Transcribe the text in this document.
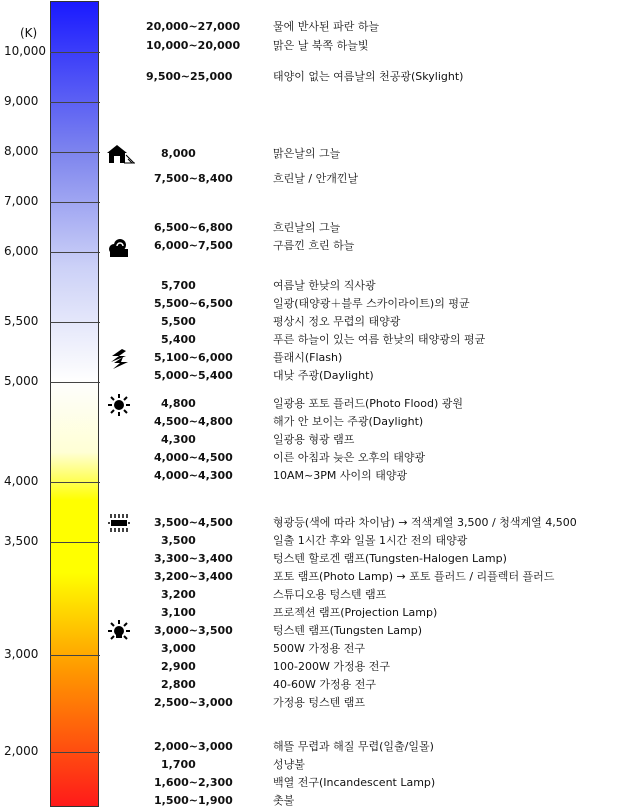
(K)
10,000
9,000
8,000
7,000
6,000
5,500
5,000
4,000
3,500
3,000
2,000
20,000~27,000	물에 반사된 파란 하늘
10,000~20,000	맑은 날 북쪽 하늘빛
9,500~25,000	태양이 없는 여름날의 천공광(Skylight)
8,000	맑은날의 그늘
7,500~8,400	흐린날 / 안개낀날
6,500~6,800	흐린날의 그늘
6,000~7,500	구름낀 흐린 하늘
5,700	여름날 한낮의 직사광
5,500~6,500	일광(태양광＋블루 스카이라이트)의 평균
5,500	평상시 정오 무렵의 태양광
5,400	푸른 하늘이 있는 여름 한낮의 태양광의 평균
5,100~6,000	플래시(Flash)
5,000~5,400	대낮 주광(Daylight)
4,800	일광용 포토 플러드(Photo Flood) 광원
4,500~4,800	해가 안 보이는 주광(Daylight)
4,300	일광용 형광 램프
4,000~4,500	이른 아침과 늦은 오후의 태양광
4,000~4,300	10AM~3PM 사이의 태양광
3,500~4,500	형광등(색에 따라 차이남) → 적색계열 3,500 / 청색계열 4,500
3,500	일출 1시간 후와 일몰 1시간 전의 태양광
3,300~3,400	텅스텐 할로겐 램프(Tungsten-Halogen Lamp)
3,200~3,400	포토 램프(Photo Lamp) → 포토 플러드 / 리플렉터 플러드
3,200	스튜디오용 텅스텐 램프
3,100	프로젝션 램프(Projection Lamp)
3,000~3,500	텅스텐 램프(Tungsten Lamp)
3,000	500W 가정용 전구
2,900	100-200W 가정용 전구
2,800	40-60W 가정용 전구
2,500~3,000	가정용 텅스텐 램프
2,000~3,000	해뜰 무렵과 해질 무렵(일출/일몰)
1,700	성냥불
1,600~2,300	백열 전구(Incandescent Lamp)
1,500~1,900	촛불
